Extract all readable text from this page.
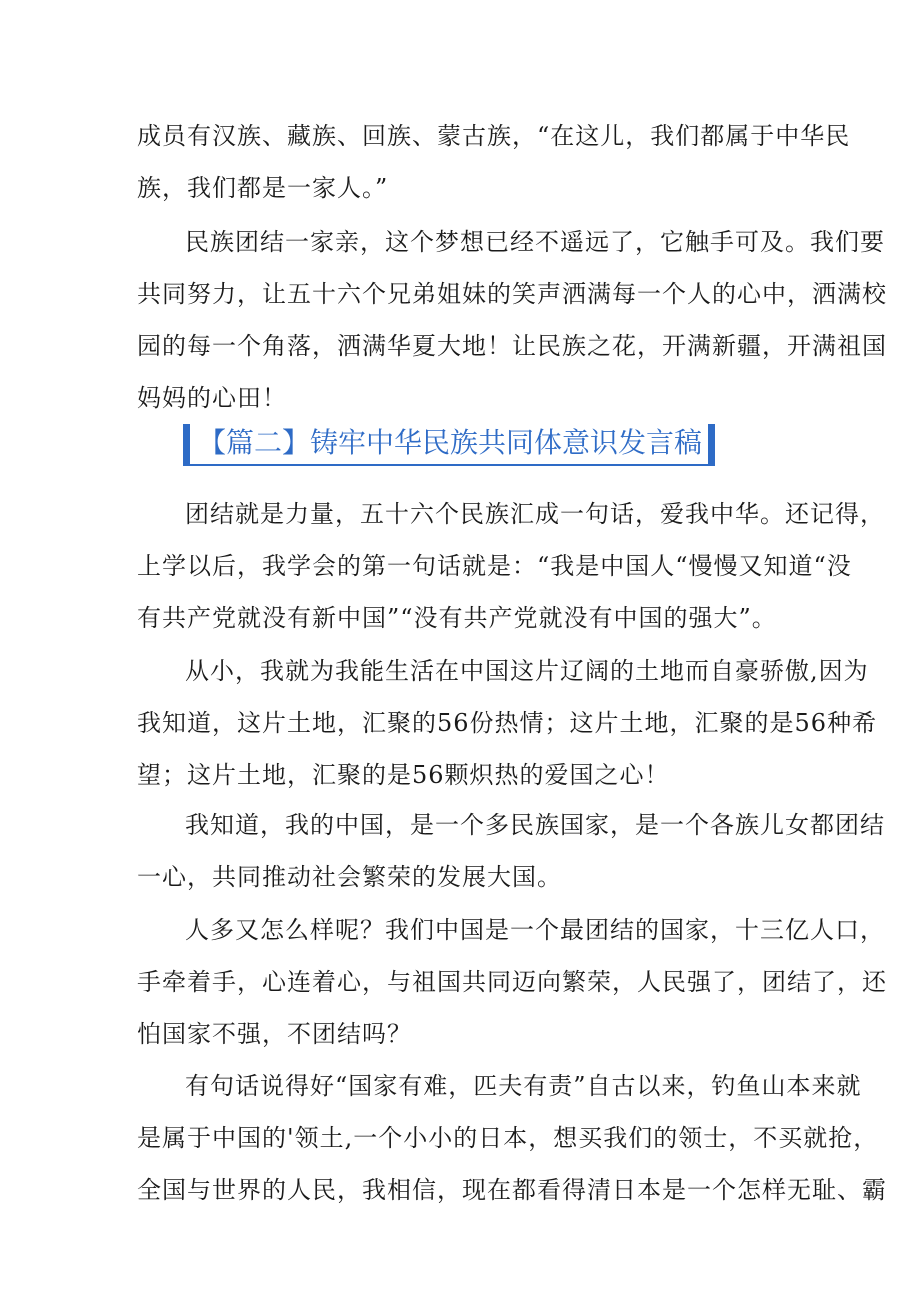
成员有汉族、藏族、回族、蒙古族，“在这儿，我们都属于中华民
族，我们都是一家人。”

民族团结一家亲，这个梦想已经不遥远了，它触手可及。我们要
共同努力，让五十六个兄弟姐妹的笑声洒满每一个人的心中，洒满校
园的每一个角落，洒满华夏大地！让民族之花，开满新疆，开满祖国
妈妈的心田！

【篇二】铸牢中华民族共同体意识发言稿

团结就是力量，五十六个民族汇成一句话，爱我中华。还记得，
上学以后，我学会的第一句话就是：“我是中国人“慢慢又知道“没
有共产党就没有新中国”“没有共产党就没有中国的强大”。

从小，我就为我能生活在中国这片辽阔的土地而自豪骄傲,因为
我知道，这片土地，汇聚的56份热情；这片土地，汇聚的是56种希
望；这片土地，汇聚的是56颗炽热的爱国之心！

我知道，我的中国，是一个多民族国家，是一个各族儿女都团结
一心，共同推动社会繁荣的发展大国。

人多又怎么样呢？我们中国是一个最团结的国家，十三亿人口，
手牵着手，心连着心，与祖国共同迈向繁荣，人民强了，团结了，还
怕国家不强，不团结吗？

有句话说得好“国家有难，匹夫有责”自古以来，钓鱼山本来就
是属于中国的'领土,一个小小的日本，想买我们的领士，不买就抢，
全国与世界的人民，我相信，现在都看得清日本是一个怎样无耻、霸
